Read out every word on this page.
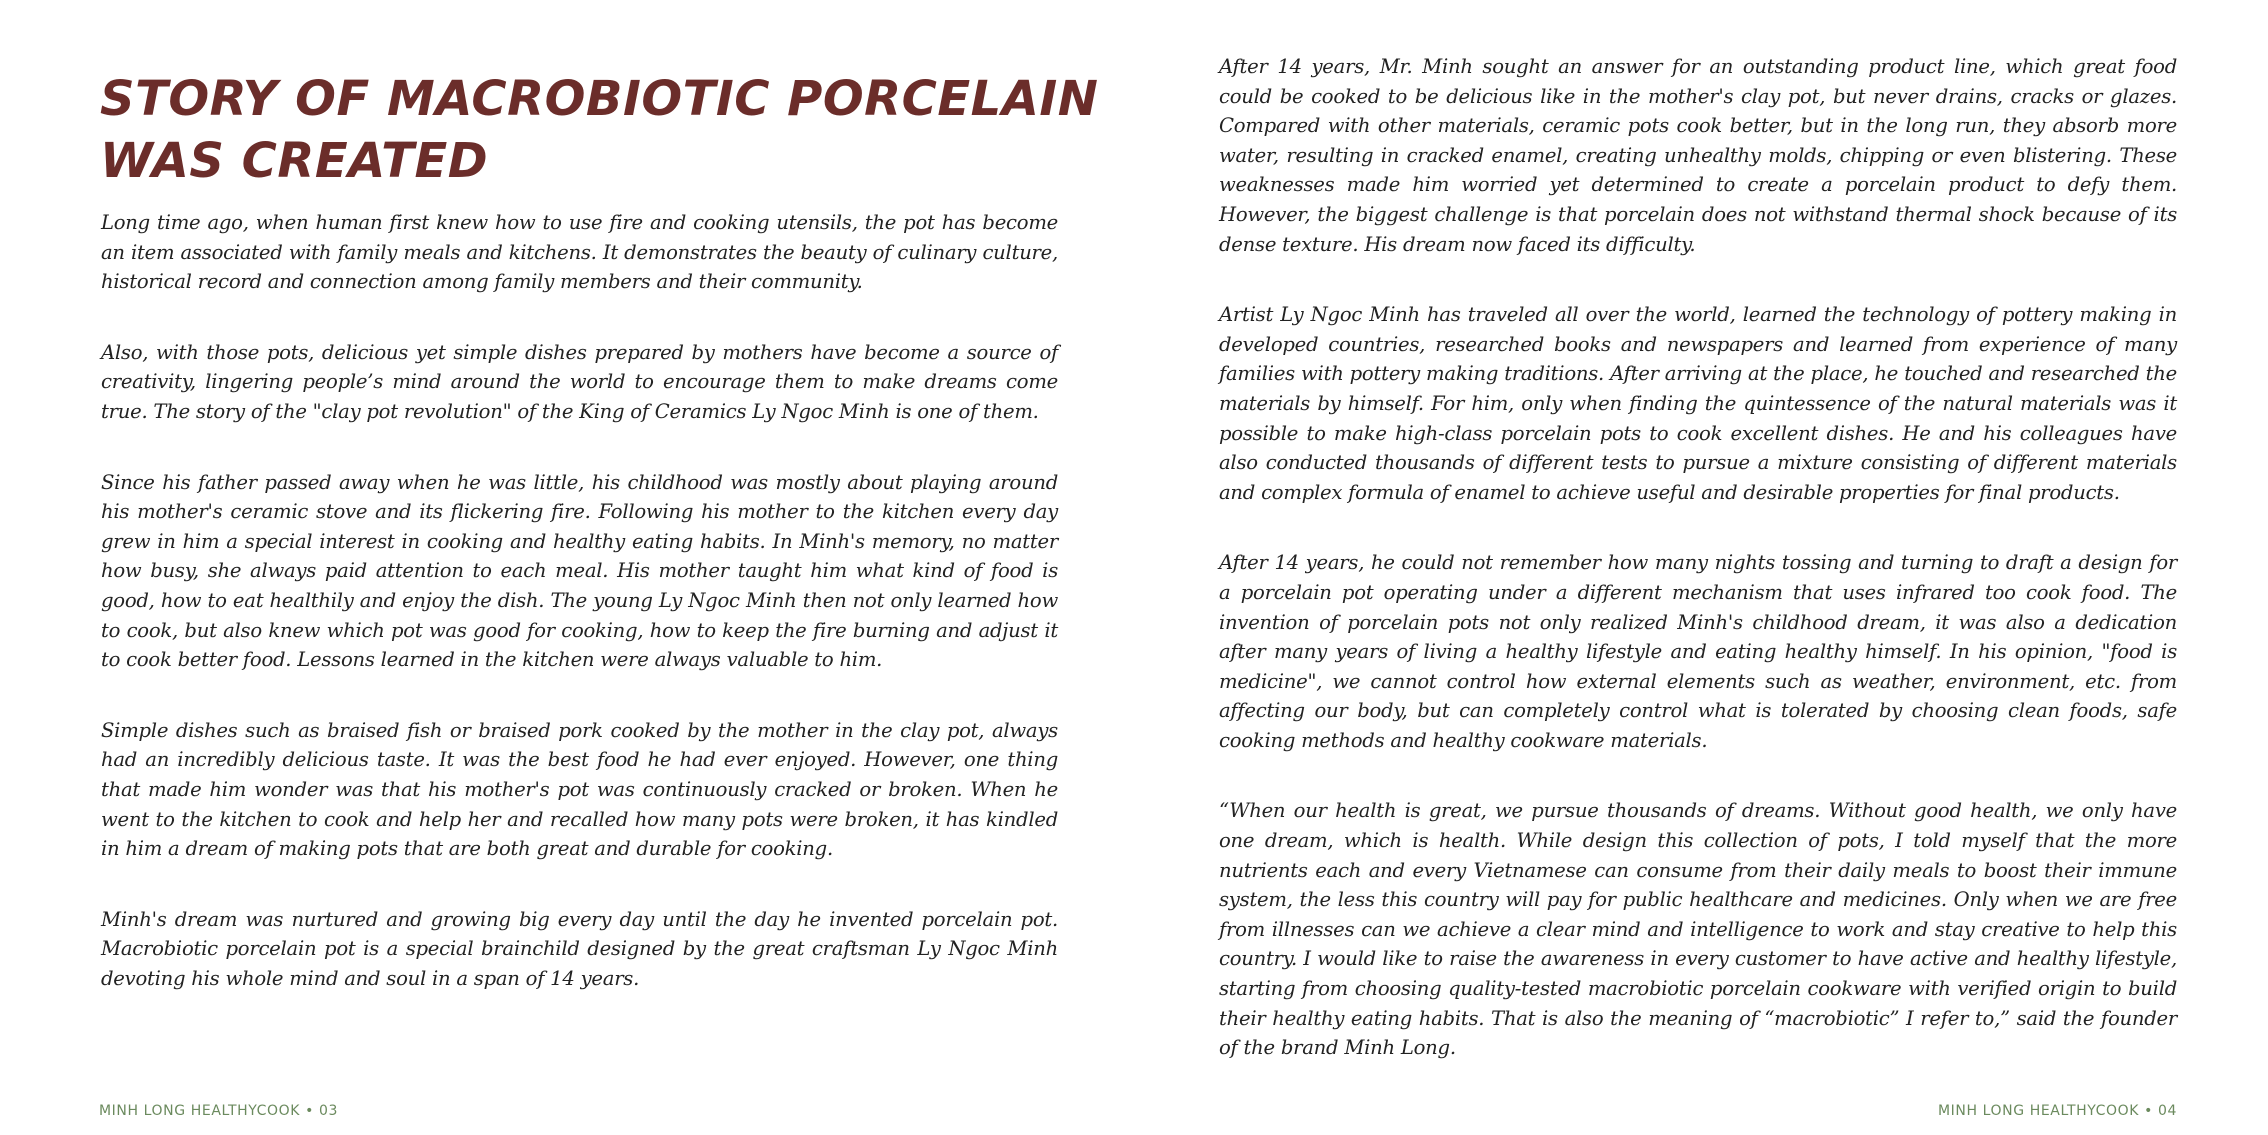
STORY OF MACROBIOTIC PORCELAIN
WAS CREATED

Long time ago, when human first knew how to use fire and cooking utensils, the pot has become an item associated with family meals and kitchens. It demonstrates the beauty of culinary culture, historical record and connection among family members and their community.

Also, with those pots, delicious yet simple dishes prepared by mothers have become a source of creativity, lingering people’s mind around the world to encourage them to make dreams come true. The story of the "clay pot revolution" of the King of Ceramics Ly Ngoc Minh is one of them.

Since his father passed away when he was little, his childhood was mostly about playing around his mother's ceramic stove and its flickering fire. Following his mother to the kitchen every day grew in him a special interest in cooking and healthy eating habits. In Minh's memory, no matter how busy, she always paid attention to each meal. His mother taught him what kind of food is good, how to eat healthily and enjoy the dish. The young Ly Ngoc Minh then not only learned how to cook, but also knew which pot was good for cooking, how to keep the fire burning and adjust it to cook better food. Lessons learned in the kitchen were always valuable to him.

Simple dishes such as braised fish or braised pork cooked by the mother in the clay pot, always had an incredibly delicious taste. It was the best food he had ever enjoyed. However, one thing that made him wonder was that his mother's pot was continuously cracked or broken. When he went to the kitchen to cook and help her and recalled how many pots were broken, it has kindled in him a dream of making pots that are both great and durable for cooking.

Minh's dream was nurtured and growing big every day until the day he invented porcelain pot. Macrobiotic porcelain pot is a special brainchild designed by the great craftsman Ly Ngoc Minh devoting his whole mind and soul in a span of 14 years.

MINH LONG HEALTHYCOOK • 03

After 14 years, Mr. Minh sought an answer for an outstanding product line, which great food could be cooked to be delicious like in the mother's clay pot, but never drains, cracks or glazes. Compared with other materials, ceramic pots cook better, but in the long run, they absorb more water, resulting in cracked enamel, creating unhealthy molds, chipping or even blistering. These weaknesses made him worried yet determined to create a porcelain product to defy them. However, the biggest challenge is that porcelain does not withstand thermal shock because of its dense texture. His dream now faced its difficulty.

Artist Ly Ngoc Minh has traveled all over the world, learned the technology of pottery making in developed countries, researched books and newspapers and learned from experience of many families with pottery making traditions. After arriving at the place, he touched and researched the materials by himself. For him, only when finding the quintessence of the natural materials was it possible to make high-class porcelain pots to cook excellent dishes. He and his colleagues have also conducted thousands of different tests to pursue a mixture consisting of different materials and complex formula of enamel to achieve useful and desirable properties for final products.

After 14 years, he could not remember how many nights tossing and turning to draft a design for a porcelain pot operating under a different mechanism that uses infrared too cook food. The invention of porcelain pots not only realized Minh's childhood dream, it was also a dedication after many years of living a healthy lifestyle and eating healthy himself. In his opinion, "food is medicine", we cannot control how external elements such as weather, environment, etc. from affecting our body, but can completely control what is tolerated by choosing clean foods, safe cooking methods and healthy cookware materials.

“When our health is great, we pursue thousands of dreams. Without good health, we only have one dream, which is health. While design this collection of pots, I told myself that the more nutrients each and every Vietnamese can consume from their daily meals to boost their immune system, the less this country will pay for public healthcare and medicines. Only when we are free from illnesses can we achieve a clear mind and intelligence to work and stay creative to help this country. I would like to raise the awareness in every customer to have active and healthy lifestyle, starting from choosing quality-tested macrobiotic porcelain cookware with verified origin to build their healthy eating habits. That is also the meaning of “macrobiotic” I refer to,” said the founder of the brand Minh Long.

MINH LONG HEALTHYCOOK • 04
